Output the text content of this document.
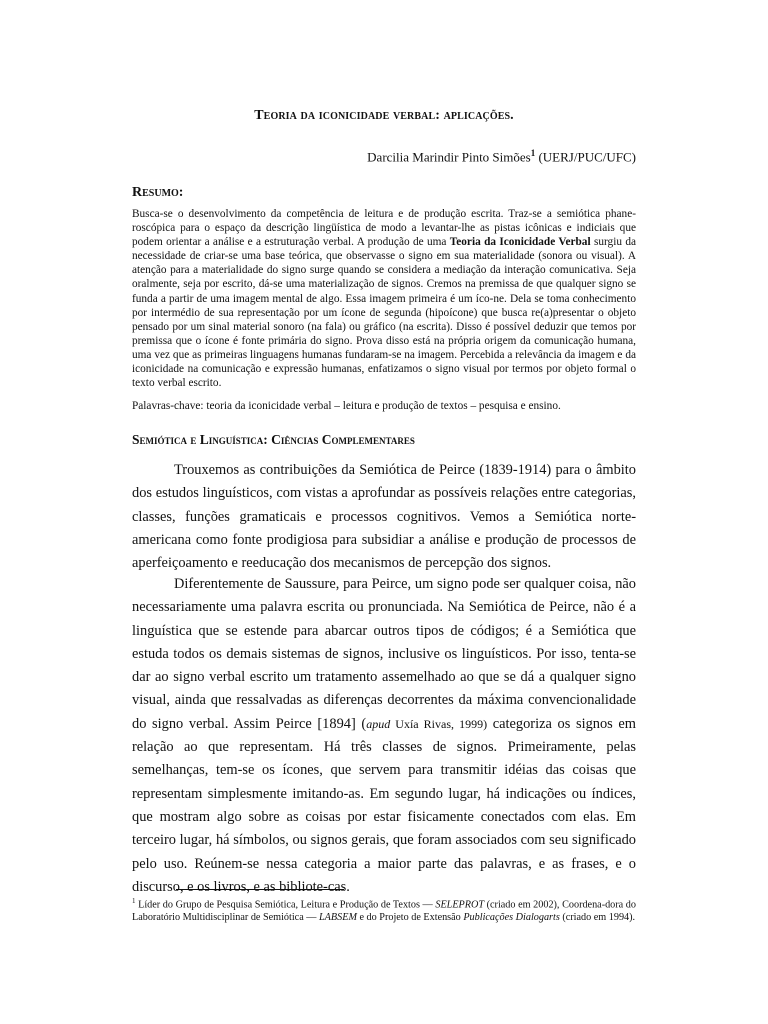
Teoria da iconicidade verbal: aplicações.
Darcilia Marindir Pinto Simões$^1$ (UERJ/PUC/UFC)
Resumo:
Busca-se o desenvolvimento da competência de leitura e de produção escrita. Traz-se a semiótica phane-roscópica para o espaço da descrição lingüística de modo a levantar-lhe as pistas icônicas e indiciais que podem orientar a análise e a estruturação verbal. A produção de uma Teoria da Iconicidade Verbal surgiu da necessidade de criar-se uma base teórica, que observasse o signo em sua materialidade (sonora ou visual). A atenção para a materialidade do signo surge quando se considera a mediação da interação comunicativa. Seja oralmente, seja por escrito, dá-se uma materialização de signos. Cremos na premissa de que qualquer signo se funda a partir de uma imagem mental de algo. Essa imagem primeira é um íco-ne. Dela se toma conhecimento por intermédio de sua representação por um ícone de segunda (hipoícone) que busca re(a)presentar o objeto pensado por um sinal material sonoro (na fala) ou gráfico (na escrita). Disso é possível deduzir que temos por premissa que o ícone é fonte primária do signo. Prova disso está na própria origem da comunicação humana, uma vez que as primeiras linguagens humanas fundaram-se na imagem. Percebida a relevância da imagem e da iconicidade na comunicação e expressão humanas, enfatizamos o signo visual por termos por objeto formal o texto verbal escrito.
Palavras-chave: teoria da iconicidade verbal – leitura e produção de textos – pesquisa e ensino.
Semiótica e Linguística: Ciências Complementares

Trouxemos as contribuições da Semiótica de Peirce (1839-1914) para o âmbito dos estudos linguísticos, com vistas a aprofundar as possíveis relações entre categorias, classes, funções gramaticais e processos cognitivos. Vemos a Semiótica norte-americana como fonte prodigiosa para subsidiar a análise e produção de processos de aperfeiçoamento e reeducação dos mecanismos de percepção dos signos.

Diferentemente de Saussure, para Peirce, um signo pode ser qualquer coisa, não necessariamente uma palavra escrita ou pronunciada. Na Semiótica de Peirce, não é a linguística que se estende para abarcar outros tipos de códigos; é a Semiótica que estuda todos os demais sistemas de signos, inclusive os linguísticos. Por isso, tenta-se dar ao signo verbal escrito um tratamento assemelhado ao que se dá a qualquer signo visual, ainda que ressalvadas as diferenças decorrentes da máxima convencionalidade do signo verbal. Assim Peirce [1894] (apud Uxía Rivas, 1999) categoriza os signos em relação ao que representam. Há três classes de signos. Primeiramente, pelas semelhanças, tem-se os ícones, que servem para transmitir idéias das coisas que representam simplesmente imitando-as. Em segundo lugar, há indicações ou índices, que mostram algo sobre as coisas por estar fisicamente conectados com elas. Em terceiro lugar, há símbolos, ou signos gerais, que foram associados com seu significado pelo uso. Reúnem-se nessa categoria a maior parte das palavras, e as frases, e o discurso, e os livros, e as bibliote-cas.

$^1$ Líder do Grupo de Pesquisa Semiótica, Leitura e Produção de Textos — SELEPROT (criado em 2002), Coordena-dora do Laboratório Multidisciplinar de Semiótica — LABSEM e do Projeto de Extensão Publicações Dialogarts (criado em 1994).
